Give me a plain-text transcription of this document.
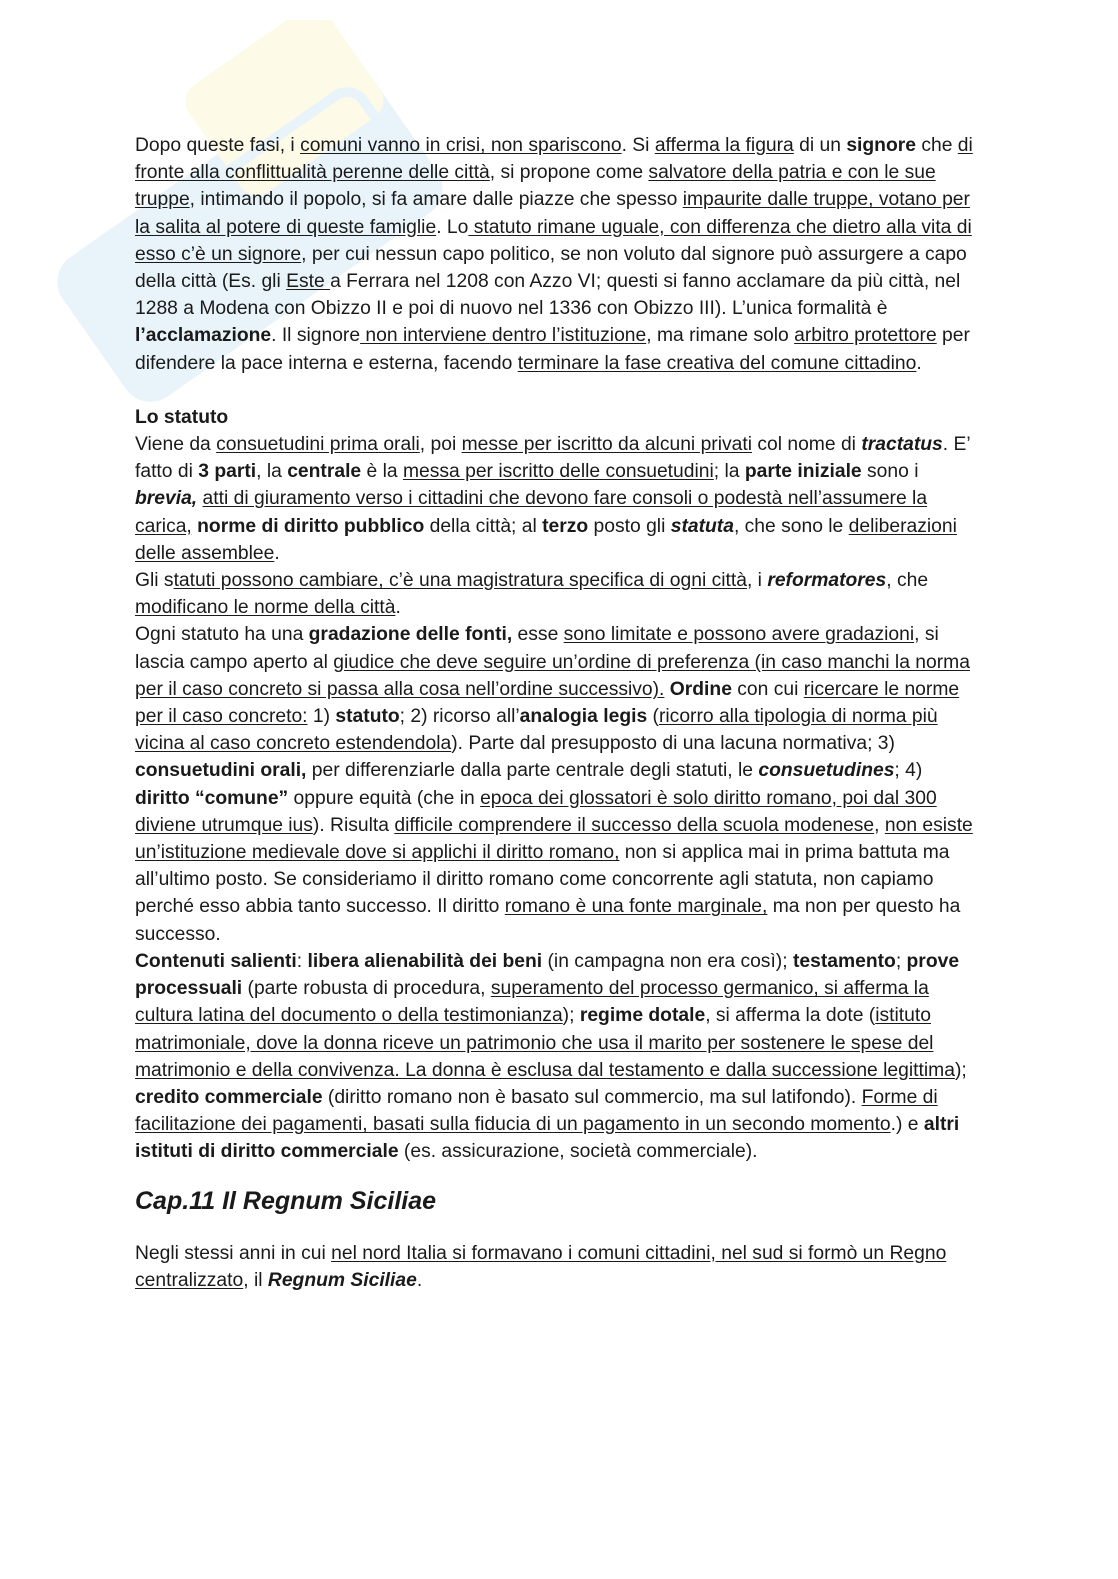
Dopo queste fasi, i comuni vanno in crisi, non spariscono. Si afferma la figura di un signore che di fronte alla conflittualità perenne delle città, si propone come salvatore della patria e con le sue truppe, intimando il popolo, si fa amare dalle piazze che spesso impaurite dalle truppe, votano per la salita al potere di queste famiglie. Lo statuto rimane uguale, con differenza che dietro alla vita di esso c’è un signore, per cui nessun capo politico, se non voluto dal signore può assurgere a capo della città (Es. gli Este a Ferrara nel 1208 con Azzo VI; questi si fanno acclamare da più città, nel 1288 a Modena con Obizzo II e poi di nuovo nel 1336 con Obizzo III). L’unica formalità è l’acclamazione. Il signore non interviene dentro l’istituzione, ma rimane solo arbitro protettore per difendere la pace interna e esterna, facendo terminare la fase creativa del comune cittadino.

Lo statuto

Viene da consuetudini prima orali, poi messe per iscritto da alcuni privati col nome di tractatus. E’ fatto di 3 parti, la centrale è la messa per iscritto delle consuetudini; la parte iniziale sono i brevia, atti di giuramento verso i cittadini che devono fare consoli o podestà nell’assumere la carica, norme di diritto pubblico della città; al terzo posto gli statuta, che sono le deliberazioni delle assemblee.

Gli statuti possono cambiare, c’è una magistratura specifica di ogni città, i reformatores, che modificano le norme della città.

Ogni statuto ha una gradazione delle fonti, esse sono limitate e possono avere gradazioni, si lascia campo aperto al giudice che deve seguire un’ordine di preferenza (in caso manchi la norma per il caso concreto si passa alla cosa nell’ordine successivo). Ordine con cui ricercare le norme per il caso concreto: 1) statuto; 2) ricorso all’analogia legis (ricorro alla tipologia di norma più vicina al caso concreto estendendola). Parte dal presupposto di una lacuna normativa; 3) consuetudini orali, per differenziarle dalla parte centrale degli statuti, le consuetudines; 4) diritto “comune” oppure equità (che in epoca dei glossatori è solo diritto romano, poi dal 300 diviene utrumque ius). Risulta difficile comprendere il successo della scuola modenese, non esiste un’istituzione medievale dove si applichi il diritto romano, non si applica mai in prima battuta ma all’ultimo posto. Se consideriamo il diritto romano come concorrente agli statuta, non capiamo perché esso abbia tanto successo. Il diritto romano è una fonte marginale, ma non per questo ha successo.

Contenuti salienti: libera alienabilità dei beni (in campagna non era così); testamento; prove processuali (parte robusta di procedura, superamento del processo germanico, si afferma la cultura latina del documento o della testimonianza); regime dotale, si afferma la dote (istituto matrimoniale, dove la donna riceve un patrimonio che usa il marito per sostenere le spese del matrimonio e della convivenza. La donna è esclusa dal testamento e dalla successione legittima); credito commerciale (diritto romano non è basato sul commercio, ma sul latifondo). Forme di facilitazione dei pagamenti, basati sulla fiducia di un pagamento in un secondo momento.) e altri istituti di diritto commerciale (es. assicurazione, società commerciale).

Cap.11 Il Regnum Siciliae

Negli stessi anni in cui nel nord Italia si formavano i comuni cittadini, nel sud si formò un Regno centralizzato, il Regnum Siciliae.
